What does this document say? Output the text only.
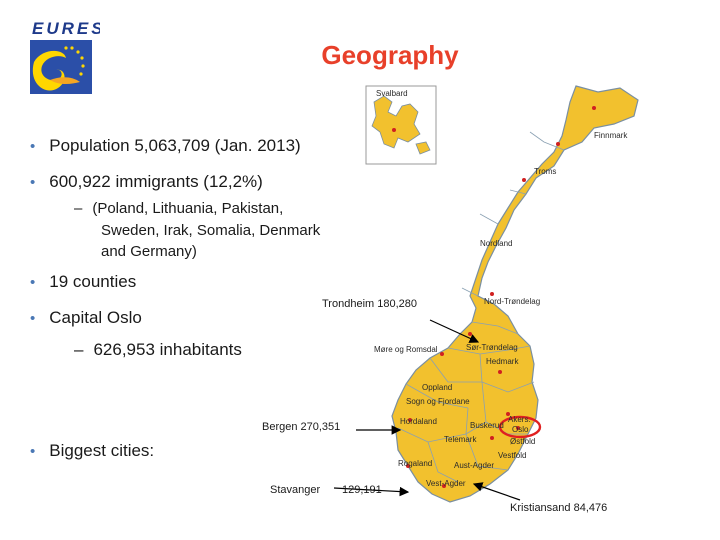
EURES
Geography
• Population 5,063,709 (Jan. 2013)
• 600,922 immigrants (12,2%)
– (Poland, Lithuania, Pakistan,
Sweden, Irak, Somalia, Denmark
and Germany)
• 19 counties
• Capital Oslo
– 626,953 inhabitants
• Biggest cities:
Svalbard
Finnmark
Troms
Nordland
Nord-Trøndelag
Sør-Trøndelag
Møre og Romsdal
Hedmark
Oppland
Sogn og Fjordane
Hordaland	Buskerud
Akers.
Oslo
Østfold
Telemark
Vestfold
Rogaland	Aust-Agder
Vest-Agder
Trondheim 180,280
Bergen 270,351
Stavanger 129,191
Kristiansand 84,476
